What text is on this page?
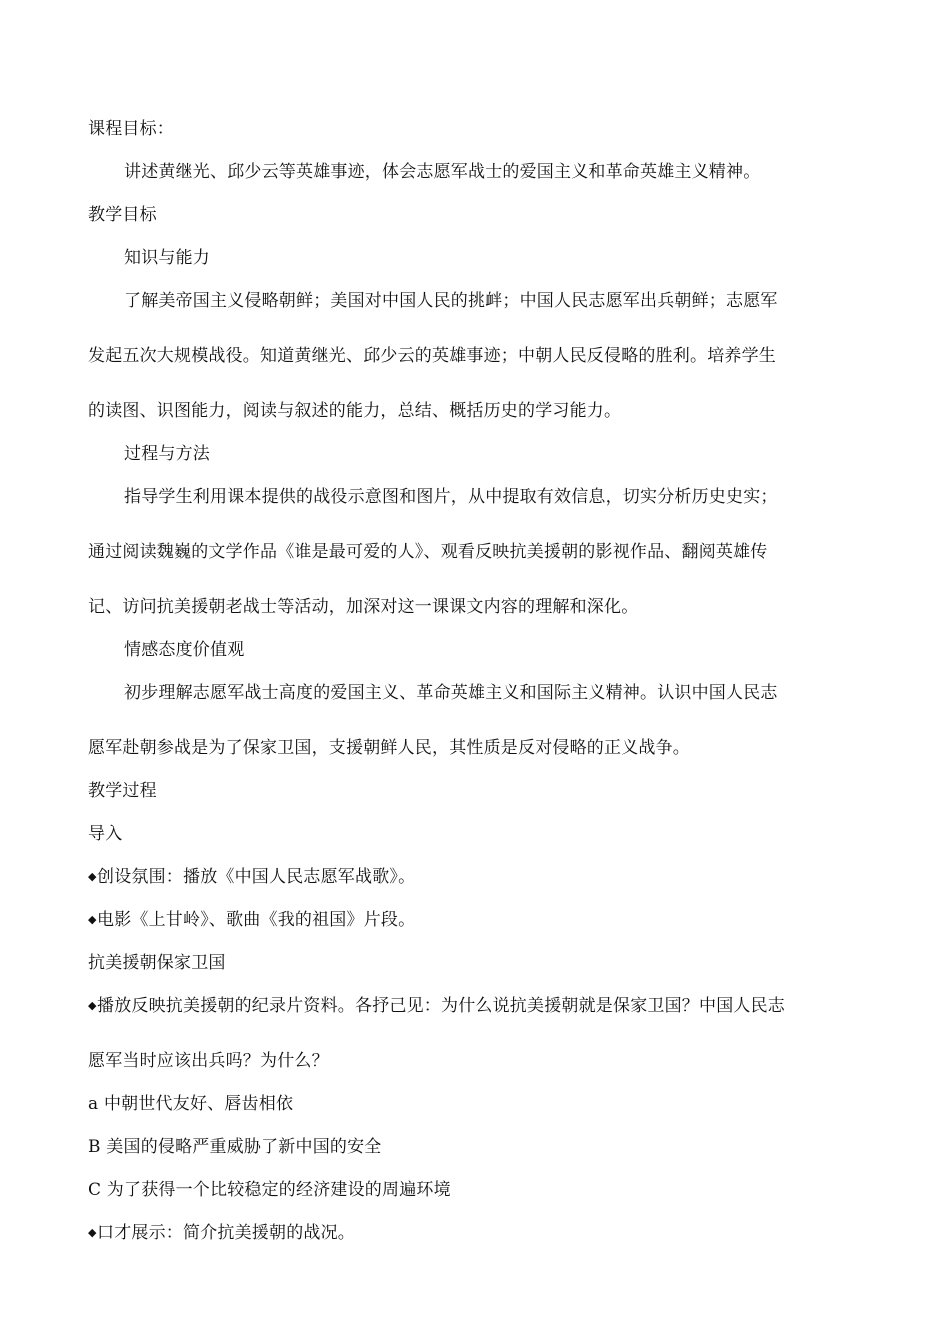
课程目标：
讲述黄继光、邱少云等英雄事迹，体会志愿军战士的爱国主义和革命英雄主义精神。
教学目标
知识与能力
了解美帝国主义侵略朝鲜；美国对中国人民的挑衅；中国人民志愿军出兵朝鲜；志愿军
发起五次大规模战役。知道黄继光、邱少云的英雄事迹；中朝人民反侵略的胜利。培养学生
的读图、识图能力，阅读与叙述的能力，总结、概括历史的学习能力。
过程与方法
指导学生利用课本提供的战役示意图和图片，从中提取有效信息，切实分析历史史实；
通过阅读魏巍的文学作品《谁是最可爱的人》、观看反映抗美援朝的影视作品、翻阅英雄传
记、访问抗美援朝老战士等活动，加深对这一课课文内容的理解和深化。
情感态度价值观
初步理解志愿军战士高度的爱国主义、革命英雄主义和国际主义精神。认识中国人民志
愿军赴朝参战是为了保家卫国，支援朝鲜人民，其性质是反对侵略的正义战争。
教学过程
导入
◆创设氛围：播放《中国人民志愿军战歌》。
◆电影《上甘岭》、歌曲《我的祖国》片段。
抗美援朝保家卫国
◆播放反映抗美援朝的纪录片资料。各抒己见：为什么说抗美援朝就是保家卫国？中国人民志
愿军当时应该出兵吗？为什么？
a 中朝世代友好、唇齿相依
B 美国的侵略严重威胁了新中国的安全
C 为了获得一个比较稳定的经济建设的周遍环境
◆口才展示：简介抗美援朝的战况。
